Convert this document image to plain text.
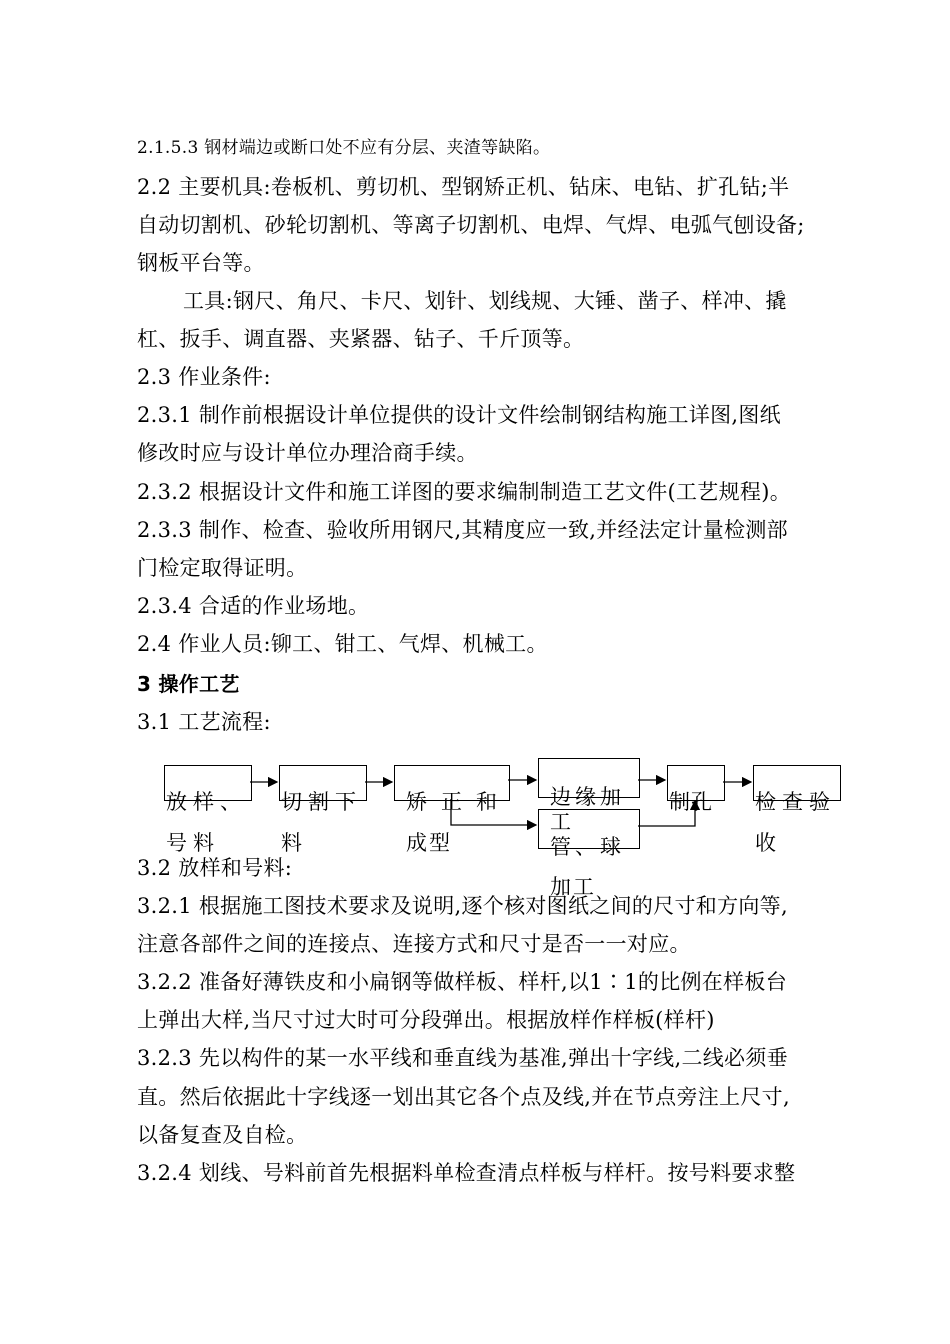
2.1.5.3 钢材端边或断口处不应有分层、夹渣等缺陷。
2.2 主要机具:卷板机、剪切机、型钢矫正机、钻床、电钻、扩孔钻;半
自动切割机、砂轮切割机、等离子切割机、电焊、气焊、电弧气刨设备;
钢板平台等。
工具:钢尺、角尺、卡尺、划针、划线规、大锤、凿子、样冲、撬
杠、扳手、调直器、夹紧器、钻子、千斤顶等。
2.3 作业条件:
2.3.1 制作前根据设计单位提供的设计文件绘制钢结构施工详图,图纸
修改时应与设计单位办理洽商手续。
2.3.2 根据设计文件和施工详图的要求编制制造工艺文件(工艺规程)。
2.3.3 制作、检查、验收所用钢尺,其精度应一致,并经法定计量检测部
门检定取得证明。
2.3.4 合适的作业场地。
2.4 作业人员:铆工、钳工、气焊、机械工。
3 操作工艺
3.1 工艺流程:
放样、
号料
切割下
料
矫正和
成型
边缘加
工
管、球
加工
制孔 检查验
收
3.2 放样和号料:
3.2.1 根据施工图技术要求及说明,逐个核对图纸之间的尺寸和方向等,
注意各部件之间的连接点、连接方式和尺寸是否一一对应。
3.2.2 准备好薄铁皮和小扁钢等做样板、样杆,以1∶1的比例在样板台
上弹出大样,当尺寸过大时可分段弹出。根据放样作样板(样杆)
3.2.3 先以构件的某一水平线和垂直线为基准,弹出十字线,二线必须垂
直。然后依据此十字线逐一划出其它各个点及线,并在节点旁注上尺寸,
以备复查及自检。
3.2.4 划线、号料前首先根据料单检查清点样板与样杆。按号料要求整
